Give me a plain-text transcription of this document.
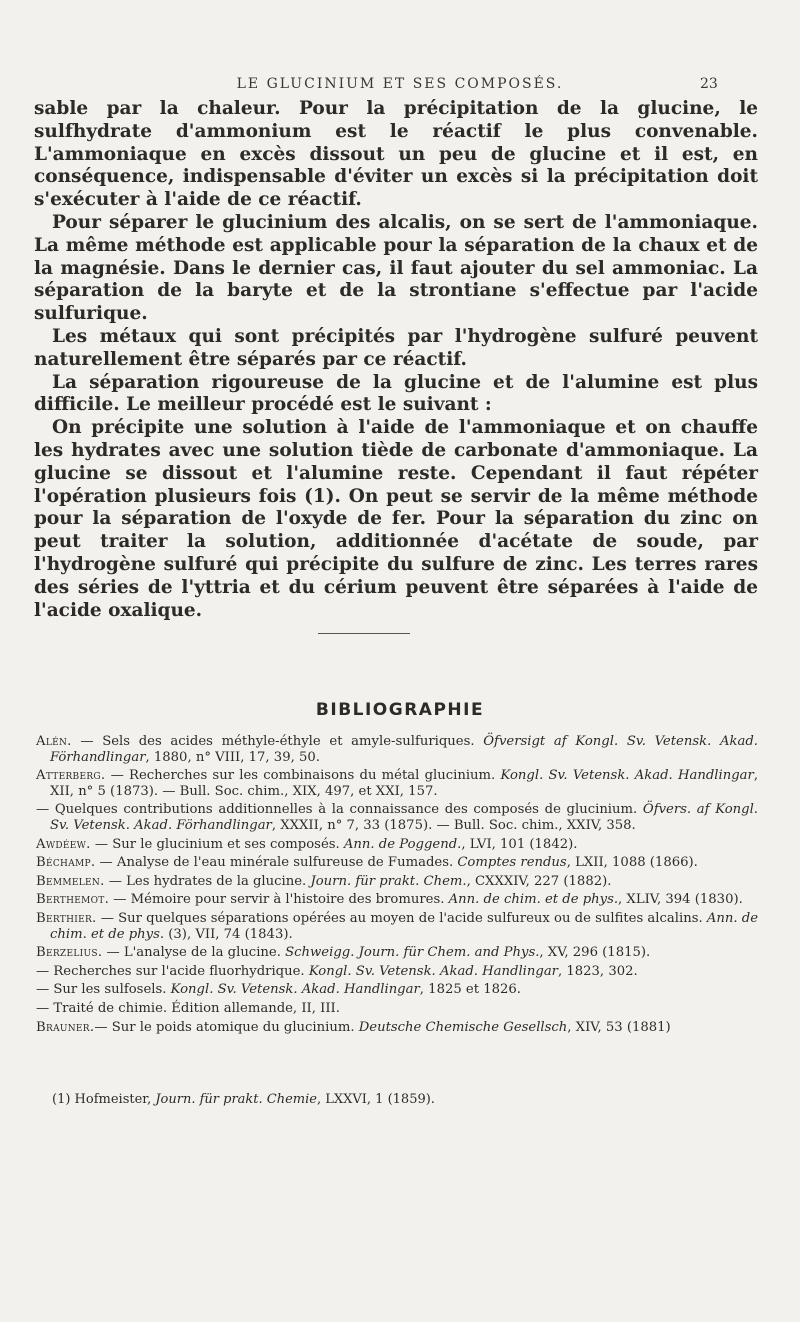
LE GLUCINIUM ET SES COMPOSÉS.	23

sable par la chaleur. Pour la précipitation de la glucine, le sulfhydrate d'ammonium est le réactif le plus convenable. L'ammoniaque en excès dissout un peu de glucine et il est, en conséquence, indispensable d'éviter un excès si la précipitation doit s'exécuter à l'aide de ce réactif.

Pour séparer le glucinium des alcalis, on se sert de l'ammoniaque. La même méthode est applicable pour la séparation de la chaux et de la magnésie. Dans le dernier cas, il faut ajouter du sel ammoniac. La séparation de la baryte et de la strontiane s'effectue par l'acide sulfurique.

Les métaux qui sont précipités par l'hydrogène sulfuré peuvent naturellement être séparés par ce réactif.

La séparation rigoureuse de la glucine et de l'alumine est plus difficile. Le meilleur procédé est le suivant :

On précipite une solution à l'aide de l'ammoniaque et on chauffe les hydrates avec une solution tiède de carbonate d'ammoniaque. La glucine se dissout et l'alumine reste. Cependant il faut répéter l'opération plusieurs fois (1). On peut se servir de la même méthode pour la séparation de l'oxyde de fer. Pour la séparation du zinc on peut traiter la solution, additionnée d'acétate de soude, par l'hydrogène sulfuré qui précipite du sulfure de zinc. Les terres rares des séries de l'yttria et du cérium peuvent être séparées à l'aide de l'acide oxalique.

BIBLIOGRAPHIE

Alén. — Sels des acides méthyle-éthyle et amyle-sulfuriques. Öfversigt af Kongl. Sv. Vetensk. Akad. Förhandlingar, 1880, n° VIII, 17, 39, 50.

Atterberg. — Recherches sur les combinaisons du métal glucinium. Kongl. Sv. Vetensk. Akad. Handlingar, XII, n° 5 (1873). — Bull. Soc. chim., XIX, 497, et XXI, 157.

— Quelques contributions additionnelles à la connaissance des composés de glucinium. Öfvers. af Kongl. Sv. Vetensk. Akad. Förhandlingar, XXXII, n° 7, 33 (1875). — Bull. Soc. chim., XXIV, 358.

Awdéew. — Sur le glucinium et ses composés. Ann. de Poggend., LVI, 101 (1842).

Béchamp. — Analyse de l'eau minérale sulfureuse de Fumades. Comptes rendus, LXII, 1088 (1866).

Bemmelen. — Les hydrates de la glucine. Journ. für prakt. Chem., CXXXIV, 227 (1882).

Berthemot. — Mémoire pour servir à l'histoire des bromures. Ann. de chim. et de phys., XLIV, 394 (1830).

Berthier. — Sur quelques séparations opérées au moyen de l'acide sulfureux ou de sulfites alcalins. Ann. de chim. et de phys. (3), VII, 74 (1843).

Berzelius. — L'analyse de la glucine. Schweigg. Journ. für Chem. and Phys., XV, 296 (1815).

— Recherches sur l'acide fluorhydrique. Kongl. Sv. Vetensk. Akad. Handlingar, 1823, 302.

— Sur les sulfosels. Kongl. Sv. Vetensk. Akad. Handlingar, 1825 et 1826.

— Traité de chimie. Édition allemande, II, III.

Brauner.— Sur le poids atomique du glucinium. Deutsche Chemische Gesellsch, XIV, 53 (1881)

(1) Hofmeister, Journ. für prakt. Chemie, LXXVI, 1 (1859).
